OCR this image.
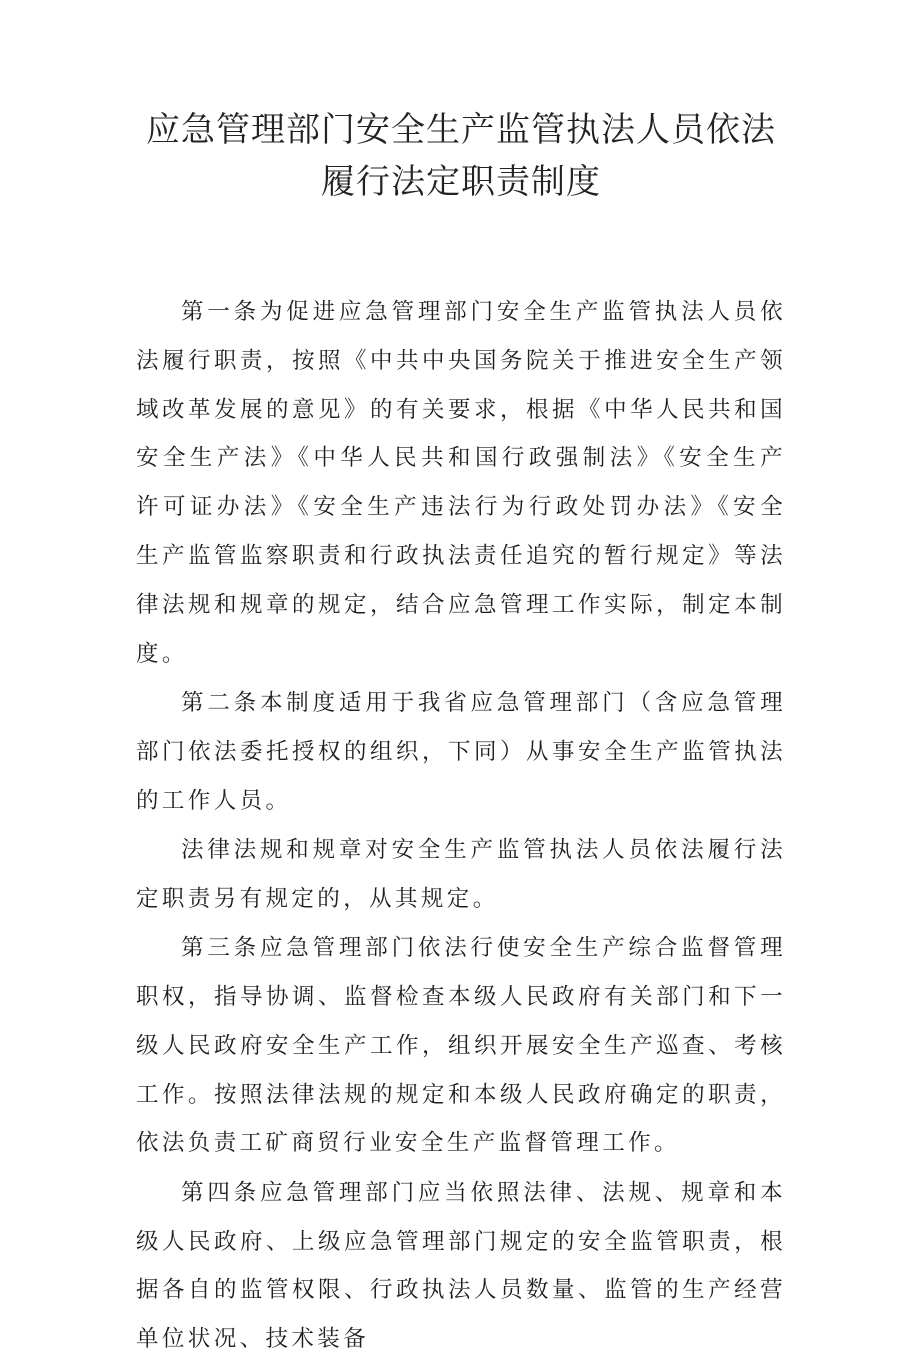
应急管理部门安全生产监管执法人员依法
履行法定职责制度

第一条为促进应急管理部门安全生产监管执法人员依法履行职责，按照《中共中央国务院关于推进安全生产领域改革发展的意见》的有关要求，根据《中华人民共和国安全生产法》《中华人民共和国行政强制法》《安全生产许可证办法》《安全生产违法行为行政处罚办法》《安全生产监管监察职责和行政执法责任追究的暂行规定》等法律法规和规章的规定，结合应急管理工作实际，制定本制度。

第二条本制度适用于我省应急管理部门（含应急管理部门依法委托授权的组织，下同）从事安全生产监管执法的工作人员。

法律法规和规章对安全生产监管执法人员依法履行法定职责另有规定的，从其规定。

第三条应急管理部门依法行使安全生产综合监督管理职权，指导协调、监督检查本级人民政府有关部门和下一级人民政府安全生产工作，组织开展安全生产巡查、考核工作。按照法律法规的规定和本级人民政府确定的职责，依法负责工矿商贸行业安全生产监督管理工作。

第四条应急管理部门应当依照法律、法规、规章和本级人民政府、上级应急管理部门规定的安全监管职责，根据各自的监管权限、行政执法人员数量、监管的生产经营单位状况、技术装备
